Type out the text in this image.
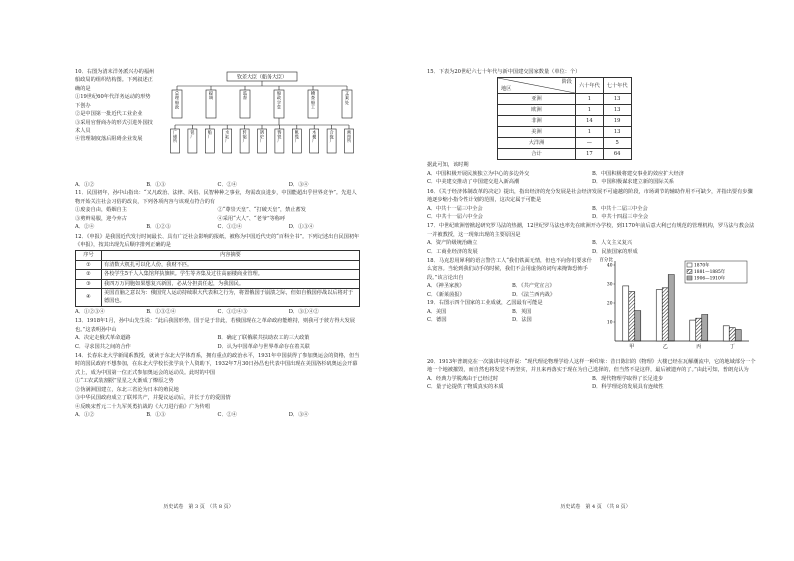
10．右图为清末洋务派兴办的福州船政局的组织结构图。下列叙述正确的是
①19世纪60年代洋务运动的形势下创办
②是中国第一批近代工业企业
③采用官督商办的形式引进外国技术人员
④管理制度落后阻碍企业发展
钦差大臣（船务大臣）
总
理
船
政
提
调
监
督
船
政
学
堂
稽
查
船
工
文
案
处
广
储
所
铁
厂
船
厂
水
缸
厂
转
锯
厂
锅
炉
厂
铸
铁
厂
帆
缆
厂
木
模
厂
合
拢
厂
画
图
所
A．①②	B．①③	C．②④	D．③④
11．民国初年，孙中山指出：“又凡政治、法律、风俗、民智种种之事业，均需改良进步，中国能超出乎世界竞争”。先进人物开始关注社会习俗的改良，下列各项内容与该观点符合的有
①废妾自由，婚姻自主	②“尊崇天皇”、“打破天皇”，禁止蓄发
③剪辫易服，迎今弃古	④采用“大人”、“老爷”等称呼
A．②④	B．①②③	C．①②④	D．①③④
12．《申报》是我国近代发行时间最长、具有广泛社会影响的报纸，被称为中国近代史的“百科全书”。下列记述出自民国初年《申报》，按其出现先后顺序排列正确的是
序号	内容摘要
①	有清数大杌扎可以化人份，我财不匹。
②	各校学生5千人入集馆拜执旗帜。学生等齐集及过往高丽楼商业管理。
③	我四万万同胞如果想复兴新国，必从分担责任起，为我国民。
④	美国首脑之意以为：俄国党人运动持续职大代表和之行为，将置俄国于崩溃之际，但如自俄国停战以后将对于德国也。
A．①②③④	B．①③②④	C．①②④③	D．③①④②
13．1918年1月，孙中山先生说：“此后我国形势，国于是于非此，若俄国现在之革命政府能维持，则我可于彼方得大发展也。”这表明孙中山
A．决定走俄式革命道路	B．确定了联俄联共扶助农工的三大政策
C．寻求国共之间的合作	D．认为中国革命与世界革命存在着关联
14．长春东北大学新闻系教授，就读于东北大学体育系，拥有重点的政治水平，1931年中国获得了参加奥运会的资格，但当时的国民政府不想参加，在东北大学校长张学良个人资助下，1932年7月30日孙昌也代表中国出现在美国洛杉矶奥运会开幕式上，成为中国第一位正式参加奥运会的运动员。此时的中国
①“工农武装割据”星星之火渐成了燎原之势
②伪满洲国建立，东北三省沦为日本的殖民地
③中华民国政府成立了联邦共产，并提议运动后，并长于方的爱国情
④反映宋哲元二十九军英勇抗战的《大刀进行曲》广为传唱
A．①②	B．①③	C．②④	D．③④
历史试卷　第 3 页　（共 8 页）
15．下表为20世纪六七十年代与新中国建交国家数量（单位：个）
阶段
地区	六十年代	七十年代
亚洲	1	13
欧洲	1	13
非洲	14	19
美洲	1	13
大洋洲	—	5
合计	17	64
据此可知，该时期
A．中国积极开展民族独立为中心的多边外交	B．中国积极将建交事业的效应扩大经济
C．中美建交推动了中国建交进入新高潮	D．中国积极谋求建立新的国际关系
16．《关于经济体制改革的决定》提出，指出经济的充分发展是社会经济发展不可逾越的阶段，市场调节的辅助作用不可缺少，并指出要有步骤地逐步缩小指令性计划的范围，这决定属于可能是
A．中共十一届三中全会	B．中共十二届三中全会
C．中共十一届六中全会	D．中共十四届三中全会
17．中世纪欧洲曾掀起研究罗马法的热潮，12世纪罗马法也率先在欧洲开办学校，到1170年前后意大利已有规范的管理机构，罗马法与教会法一并被教授，这一现象出现的主要原因是
A．资产阶级统治确立	B．人文主义复兴
C．工商业经济的发展	D．民族国家的形成
18．马克思用犀利的语言警告工人“我们铁面无情，但也不向你们要求什么宽容。当轮到我们动手的时候，我们不会用虚伪的词句来掩饰恐怖手段。”该言论出自
A．《神圣家族》	B．《共产党宣言》
C．《新莱茵报》	D．《法兰西内战》
19．右图示四个国家的工业成就，乙国最有可能是
A．美国	B．英国
C．德国	D．法国
百分比
10
20
30
40
甲	乙	丙	丁
1870年
1881—1885年
1906—1910年
20．1913年普朗克在一次演讲中这样说：“现代理论物理学给人这样一种印象：昔日陈旧的《物理》大楼已经在瓦解潮流中，它的地域部分一个地一个地被摧毁，而自然也将发觉不再坚实，并且来再落实于现在为自己选择的，但当然不是这样，最后被遗弃的了。”由此可知，普朗克认为
A．经典力学脱离由于已经过时	B．现代物理学取得了长足进步
C．量子论提供了物质真实的本质	D．科学理论的发展具有连续性
历史试卷　第 4 页　（共 8 页）
